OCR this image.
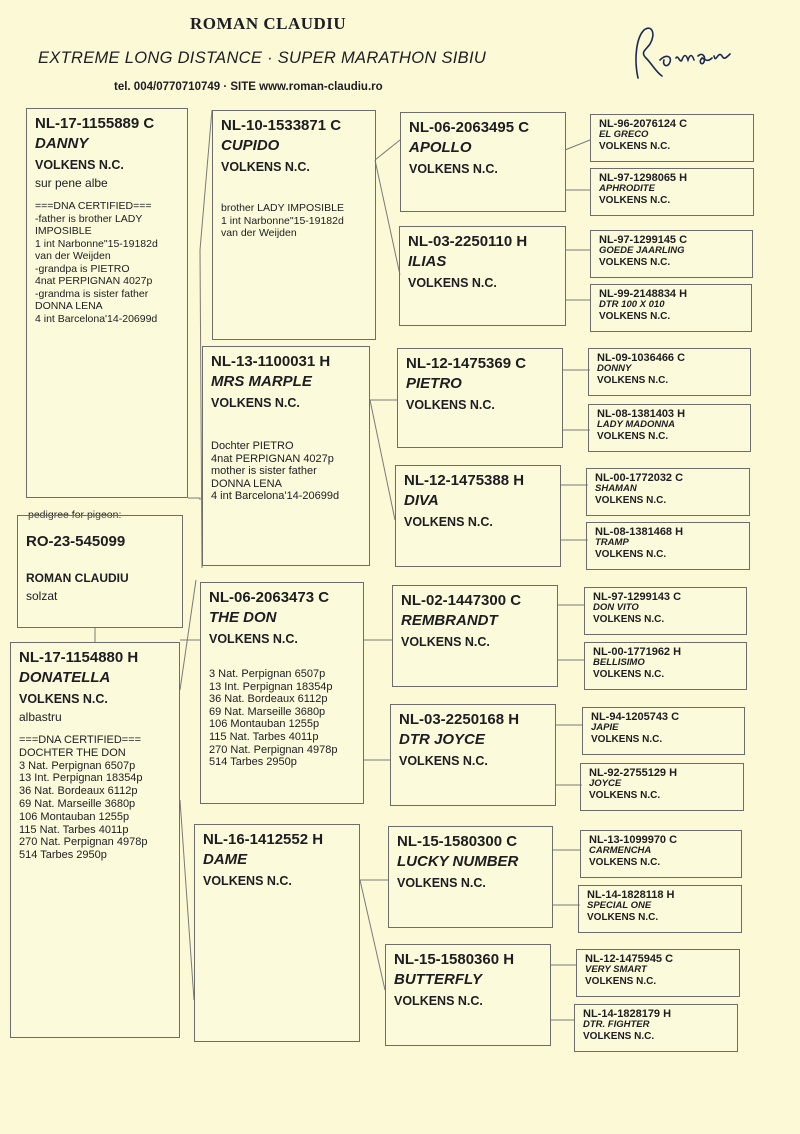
ROMAN CLAUDIU
EXTREME LONG DISTANCE · SUPER MARATHON SIBIU
tel. 004/0770710749 · SITE www.roman-claudiu.ro
pedigree for pigeon:
RO-23-545099
ROMAN CLAUDIU
solzat
NL-17-1155889 C
DANNY
VOLKENS N.C.
sur pene albe
===DNA CERTIFIED===
-father is brother LADY IMPOSIBLE
1 int Narbonne"15-19182d
van der Weijden
-grandpa is PIETRO
4nat PERPIGNAN 4027p
-grandma is sister father DONNA LENA
4 int Barcelona'14-20699d
NL-17-1154880 H
DONATELLA
VOLKENS N.C.
albastru
===DNA CERTIFIED===
DOCHTER THE DON
3 Nat. Perpignan 6507p
13 Int. Perpignan 18354p
36 Nat. Bordeaux 6112p
69 Nat. Marseille 3680p
106 Montauban 1255p
115 Nat. Tarbes 4011p
270 Nat. Perpignan 4978p
514 Tarbes 2950p
NL-10-1533871 C
CUPIDO
VOLKENS N.C.
brother LADY IMPOSIBLE
1 int Narbonne"15-19182d
van der Weijden
NL-13-1100031 H
MRS MARPLE
VOLKENS N.C.
Dochter PIETRO
4nat PERPIGNAN 4027p
mother is sister father
DONNA LENA
4 int Barcelona'14-20699d
NL-06-2063473 C
THE DON
VOLKENS N.C.
3 Nat. Perpignan 6507p
13 Int. Perpignan 18354p
36 Nat. Bordeaux 6112p
69 Nat. Marseille 3680p
106 Montauban 1255p
115 Nat. Tarbes 4011p
270 Nat. Perpignan 4978p
514 Tarbes 2950p
NL-16-1412552 H
DAME
VOLKENS N.C.
NL-06-2063495 C
APOLLO
VOLKENS N.C.
NL-03-2250110 H
ILIAS
VOLKENS N.C.
NL-12-1475369 C
PIETRO
VOLKENS N.C.
NL-12-1475388 H
DIVA
VOLKENS N.C.
NL-02-1447300 C
REMBRANDT
VOLKENS N.C.
NL-03-2250168 H
DTR JOYCE
VOLKENS N.C.
NL-15-1580300 C
LUCKY NUMBER
VOLKENS N.C.
NL-15-1580360 H
BUTTERFLY
VOLKENS N.C.
NL-96-2076124 C
EL GRECO
VOLKENS N.C.
NL-97-1298065 H
APHRODITE
VOLKENS N.C.
NL-97-1299145 C
GOEDE JAARLING
VOLKENS N.C.
NL-99-2148834 H
DTR 100 X 010
VOLKENS N.C.
NL-09-1036466 C
DONNY
VOLKENS N.C.
NL-08-1381403 H
LADY MADONNA
VOLKENS N.C.
NL-00-1772032 C
SHAMAN
VOLKENS N.C.
NL-08-1381468 H
TRAMP
VOLKENS N.C.
NL-97-1299143 C
DON VITO
VOLKENS N.C.
NL-00-1771962 H
BELLISIMO
VOLKENS N.C.
NL-94-1205743 C
JAPIE
VOLKENS N.C.
NL-92-2755129 H
JOYCE
VOLKENS N.C.
NL-13-1099970 C
CARMENCHA
VOLKENS N.C.
NL-14-1828118 H
SPECIAL ONE
VOLKENS N.C.
NL-12-1475945 C
VERY SMART
VOLKENS N.C.
NL-14-1828179 H
DTR. FIGHTER
VOLKENS N.C.
